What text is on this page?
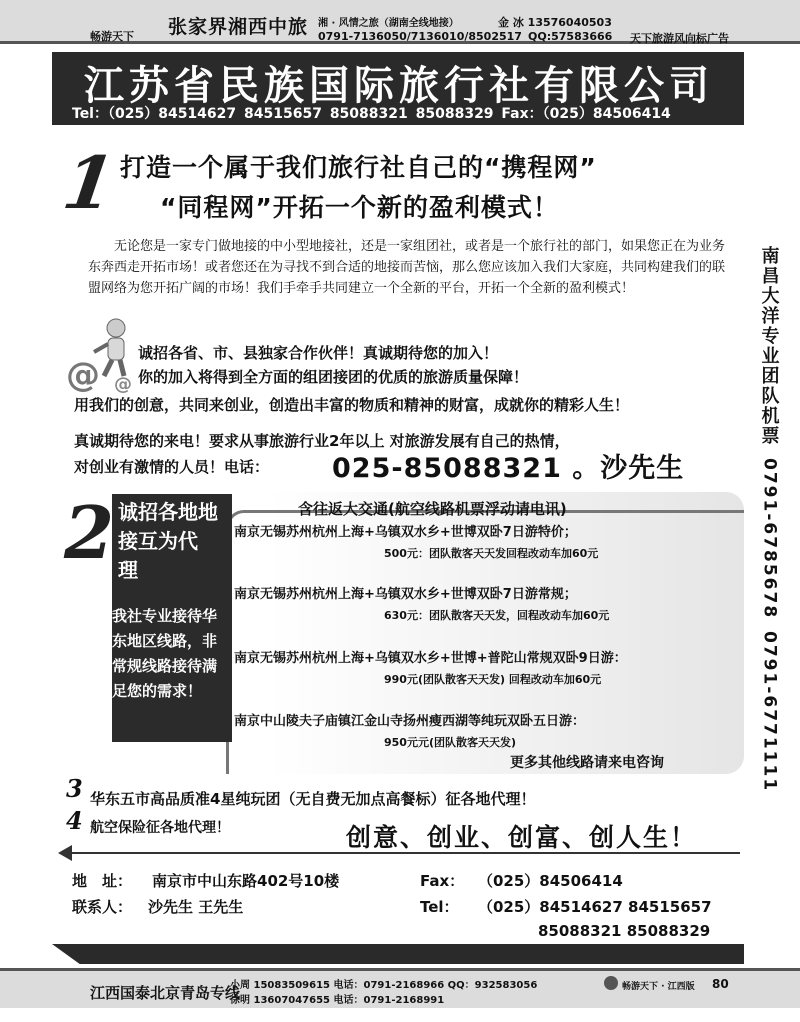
畅游天下 张家界湘西中旅 湘 · 风情之旅（湖南全线地接）	金 冰 13576040503
0791-7136050/7136010/8502517 QQ:57583666 天下旅游风向标广告
江苏省民族国际旅行社有限公司
Tel：（025）84514627 84515657 85088321 85088329 Fax：（025）84506414
1 打造一个属于我们旅行社自己的“携程网”
“同程网”开拓一个新的盈利模式！
无论您是一家专门做地接的中小型地接社，还是一家组团社，或者是一个旅行社的部门，如果您正在为业务东奔西走开拓市场！或者您还在为寻找不到合适的地接而苦恼，那么您应该加入我们大家庭，共同构建我们的联盟网络为您开拓广阔的市场！我们手牵手共同建立一个全新的平台，开拓一个全新的盈利模式！
@ @
诚招各省、市、县独家合作伙伴！真诚期待您的加入！
你的加入将得到全方面的组团接团的优质的旅游质量保障！
用我们的创意，共同来创业，创造出丰富的物质和精神的财富，成就你的精彩人生！
真诚期待您的来电！要求从事旅游行业2年以上 对旅游发展有自己的热情，
对创业有激情的人员！电话： 025-85088321 。沙先生
2 诚招各地地接互为代　理
我社专业接待华东地区线路，非常规线路接待满足您的需求！
含往返大交通(航空线路机票浮动请电讯)
南京无锡苏州杭州上海+乌镇双水乡+世博双卧7日游特价；
500元：团队散客天天发回程改动车加60元
南京无锡苏州杭州上海+乌镇双水乡+世博双卧7日游常规；
630元：团队散客天天发，回程改动车加60元
南京无锡苏州杭州上海+乌镇双水乡+世博+普陀山常规双卧9日游：
990元(团队散客天天发) 回程改动车加60元
南京中山陵夫子庙镇江金山寺扬州瘦西湖等纯玩双卧五日游：
950元元(团队散客天天发)
更多其他线路请来电咨询
3 华东五市高品质准4星纯玩团（无自费无加点高餐标）征各地代理！
4 航空保险征各地代理！	创意、创业、创富、创人生！
地　址： 南京市中山东路402号10楼	Fax： （025）84506414
联系人： 沙先生 王先生	Tel： （025）84514627 84515657
85088321 85088329
江西国泰北京青岛专线
小周 15083509615 电话：0791-2168966 QQ：932583056
徐明 13607047655 电话：0791-2168991
畅游天下 · 江西版 80
南昌大洋专业团队机票
0791-6785678
0791-6771111
